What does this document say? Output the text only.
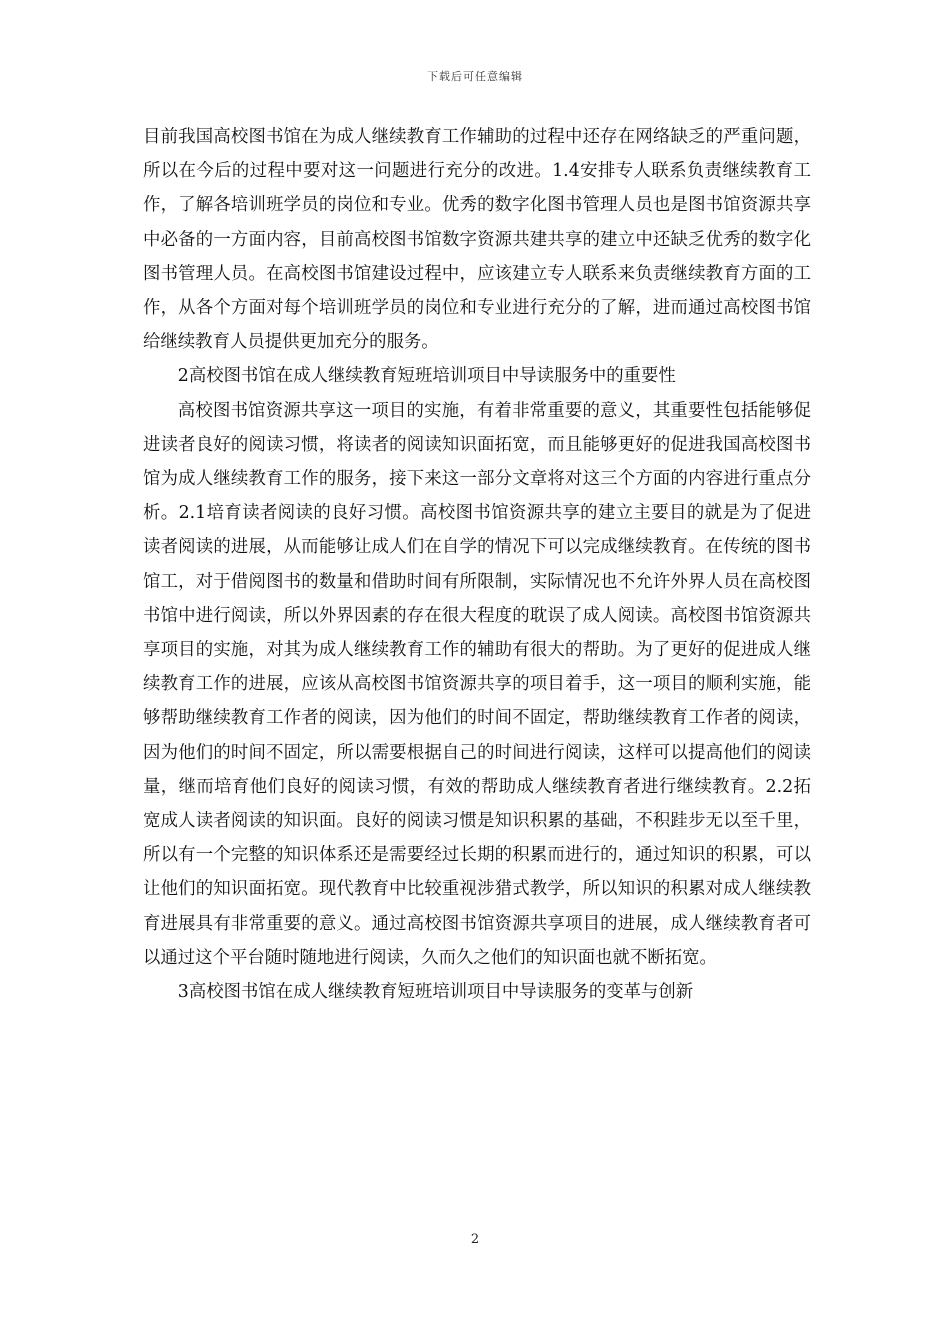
下载后可任意编辑

目前我国高校图书馆在为成人继续教育工作辅助的过程中还存在网络缺乏的严重问题，所以在今后的过程中要对这一问题进行充分的改进。1.4安排专人联系负责继续教育工作，了解各培训班学员的岗位和专业。优秀的数字化图书管理人员也是图书馆资源共享中必备的一方面内容，目前高校图书馆数字资源共建共享的建立中还缺乏优秀的数字化图书管理人员。在高校图书馆建设过程中，应该建立专人联系来负责继续教育方面的工作，从各个方面对每个培训班学员的岗位和专业进行充分的了解，进而通过高校图书馆给继续教育人员提供更加充分的服务。

2高校图书馆在成人继续教育短班培训项目中导读服务中的重要性

高校图书馆资源共享这一项目的实施，有着非常重要的意义，其重要性包括能够促进读者良好的阅读习惯，将读者的阅读知识面拓宽，而且能够更好的促进我国高校图书馆为成人继续教育工作的服务，接下来这一部分文章将对这三个方面的内容进行重点分析。2.1培育读者阅读的良好习惯。高校图书馆资源共享的建立主要目的就是为了促进读者阅读的进展，从而能够让成人们在自学的情况下可以完成继续教育。在传统的图书馆工，对于借阅图书的数量和借助时间有所限制，实际情况也不允许外界人员在高校图书馆中进行阅读，所以外界因素的存在很大程度的耽误了成人阅读。高校图书馆资源共享项目的实施，对其为成人继续教育工作的辅助有很大的帮助。为了更好的促进成人继续教育工作的进展，应该从高校图书馆资源共享的项目着手，这一项目的顺利实施，能够帮助继续教育工作者的阅读，因为他们的时间不固定，帮助继续教育工作者的阅读，因为他们的时间不固定，所以需要根据自己的时间进行阅读，这样可以提高他们的阅读量，继而培育他们良好的阅读习惯，有效的帮助成人继续教育者进行继续教育。2.2拓宽成人读者阅读的知识面。良好的阅读习惯是知识积累的基础，不积跬步无以至千里，所以有一个完整的知识体系还是需要经过长期的积累而进行的，通过知识的积累，可以让他们的知识面拓宽。现代教育中比较重视涉猎式教学，所以知识的积累对成人继续教育进展具有非常重要的意义。通过高校图书馆资源共享项目的进展，成人继续教育者可以通过这个平台随时随地进行阅读，久而久之他们的知识面也就不断拓宽。

3高校图书馆在成人继续教育短班培训项目中导读服务的变革与创新

2
